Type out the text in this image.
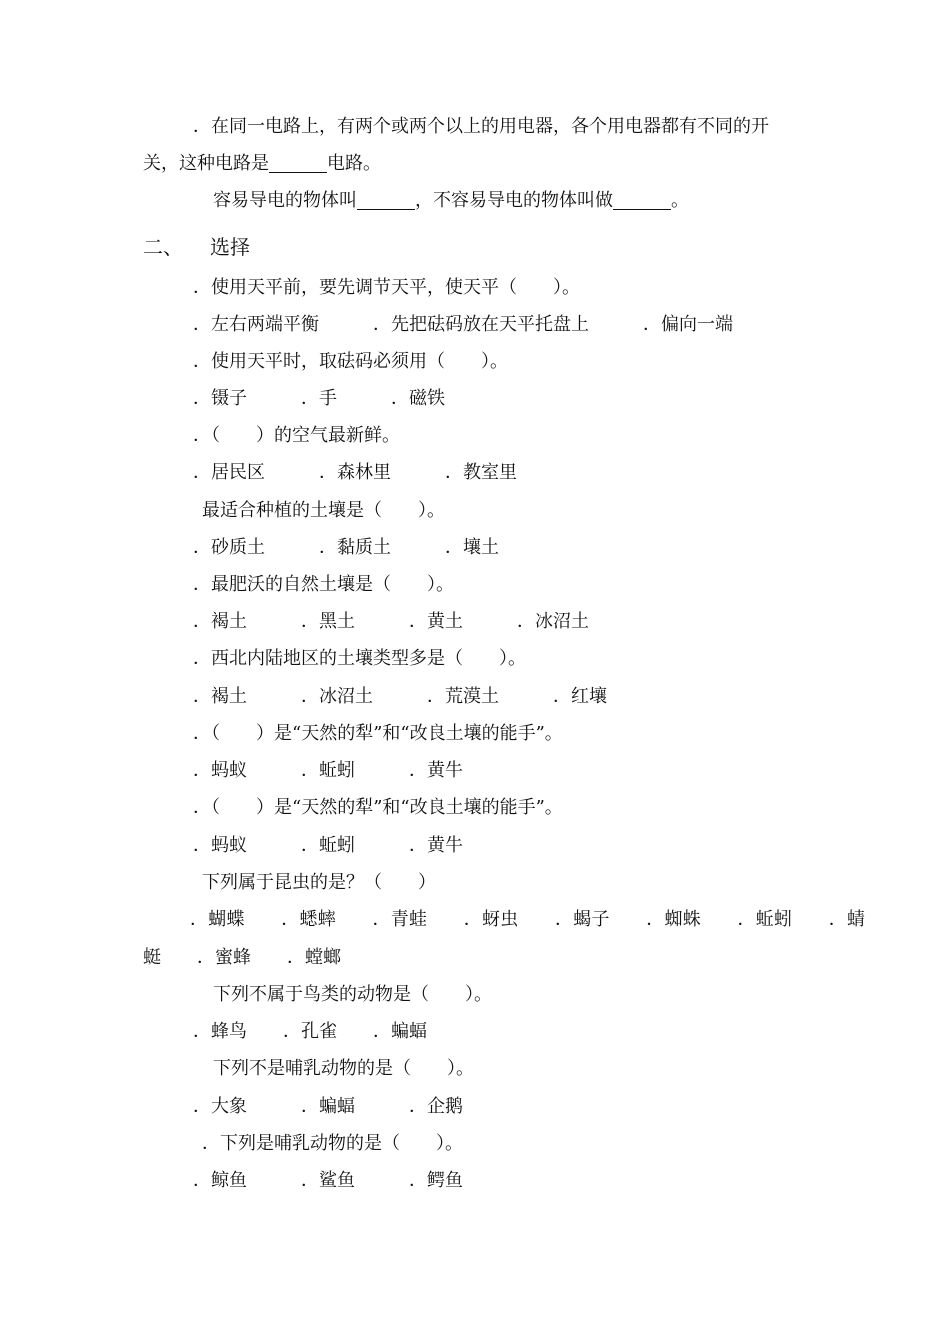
．在同一电路上，有两个或两个以上的用电器，各个用电器都有不同的开
关，这种电路是	电路。
容易导电的物体叫	，不容易导电的物体叫做	。
二、 选择
．使用天平前，要先调节天平，使天平（　　）。
．左右两端平衡　　　．先把砝码放在天平托盘上　　　．偏向一端
．使用天平时，取砝码必须用（　　）。
．镊子　　　．手　　　．磁铁
．（　　）的空气最新鲜。
．居民区　　　．森林里　　　．教室里
最适合种植的土壤是（　　）。
．砂质土　　　．黏质土　　　．壤土
．最肥沃的自然土壤是（　　）。
．褐土　　　．黑土　　　．黄土　　　．冰沼土
．西北内陆地区的土壤类型多是（　　）。
．褐土　　　．冰沼土　　　．荒漠土　　　．红壤
．（　　）是“天然的犁”和“改良土壤的能手”。
．蚂蚁　　　．蚯蚓　　　．黄牛
．（　　）是“天然的犁”和“改良土壤的能手”。
．蚂蚁　　　．蚯蚓　　　．黄牛
下列属于昆虫的是？（　　）
．蝴蝶　　．蟋蟀　　．青蛙　　．蚜虫　　．蝎子　　．蜘蛛　　．蚯蚓　　．蜻
蜓　　．蜜蜂　　．螳螂
下列不属于鸟类的动物是（　　）。
．蜂鸟　　．孔雀　　．蝙蝠
下列不是哺乳动物的是（　　）。
．大象　　　．蝙蝠　　　．企鹅
．下列是哺乳动物的是（　　）。
．鲸鱼　　　．鲨鱼　　　．鳄鱼
